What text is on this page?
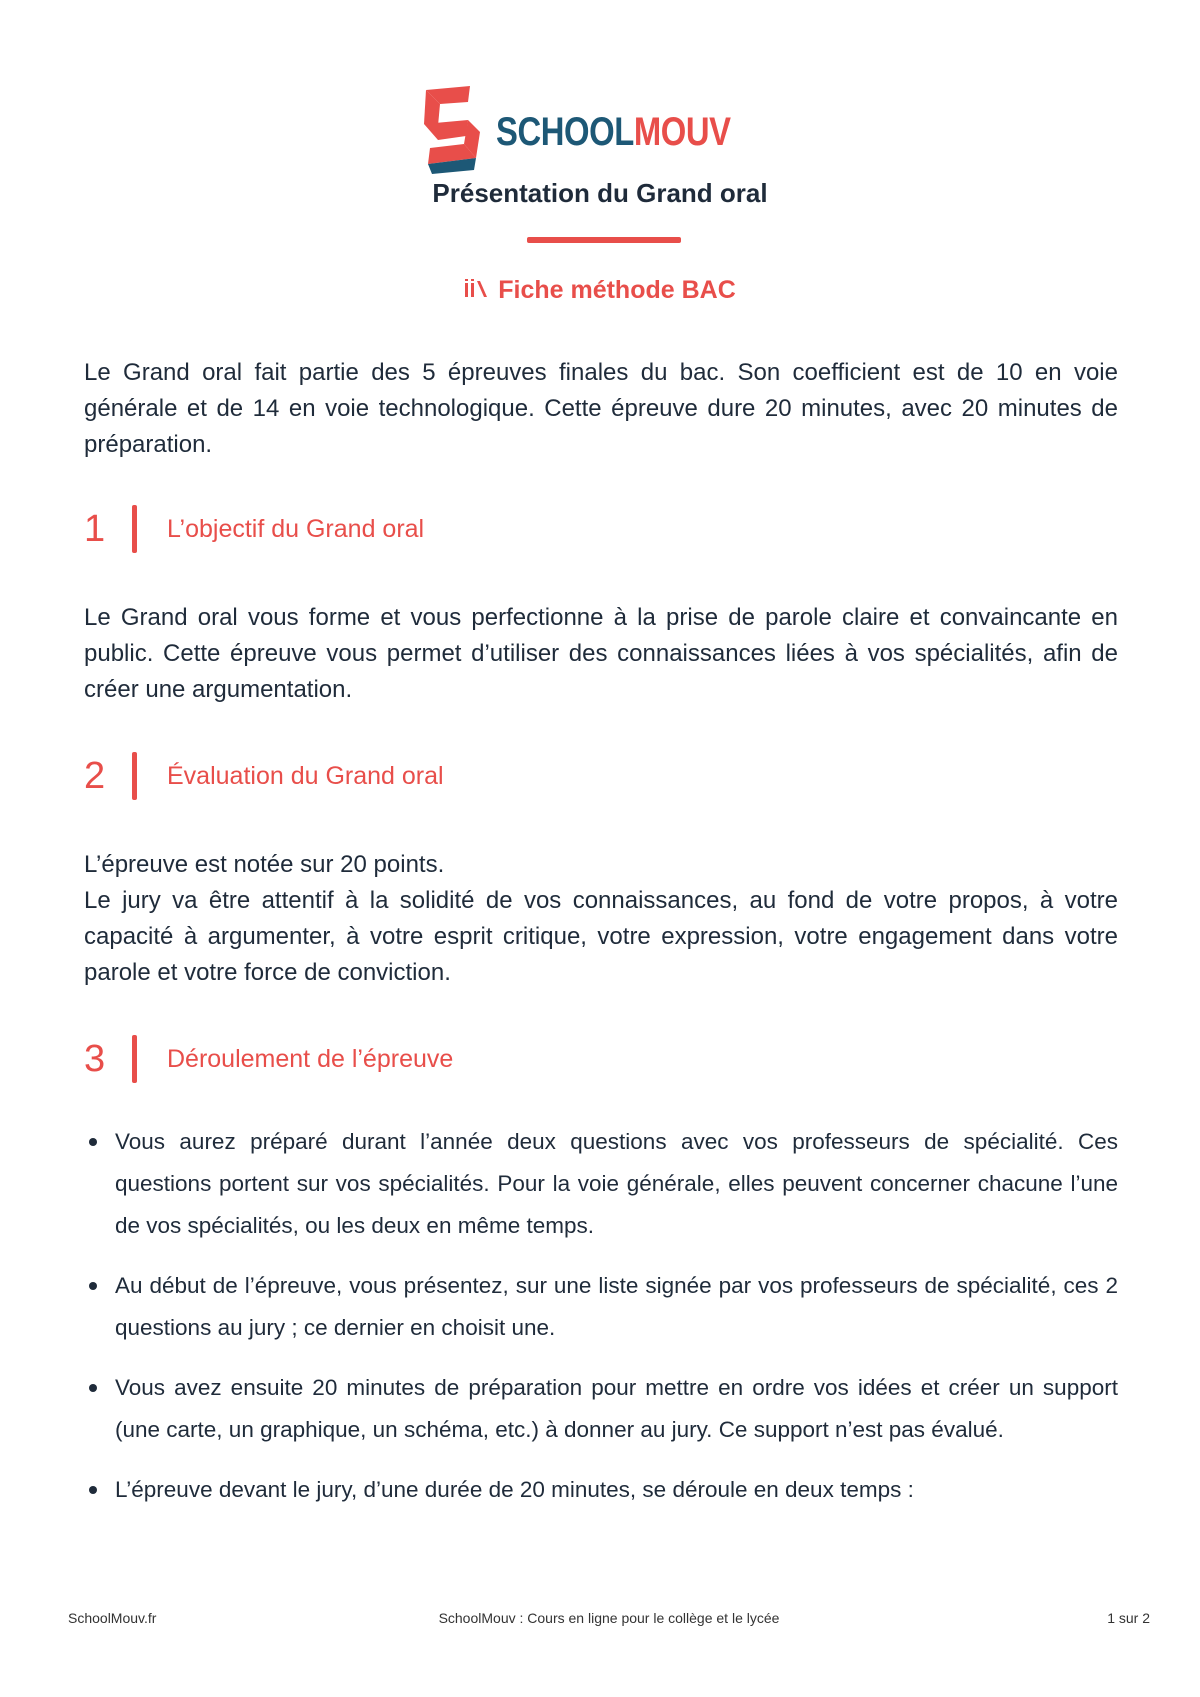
SCHOOLMOUV
Présentation du Grand oral
Fiche méthode BAC
Le Grand oral fait partie des 5 épreuves finales du bac. Son coefficient est de 10 en voie générale et de 14 en voie technologique. Cette épreuve dure 20 minutes, avec 20 minutes de préparation.
1	L’objectif du Grand oral
Le Grand oral vous forme et vous perfectionne à la prise de parole claire et convaincante en public. Cette épreuve vous permet d’utiliser des connaissances liées à vos spécialités, afin de créer une argumentation.
2	Évaluation du Grand oral
L’épreuve est notée sur 20 points.
Le jury va être attentif à la solidité de vos connaissances, au fond de votre propos, à votre capacité à argumenter, à votre esprit critique, votre expression, votre engagement dans votre parole et votre force de conviction.
3	Déroulement de l’épreuve
Vous aurez préparé durant l’année deux questions avec vos professeurs de spécialité. Ces questions portent sur vos spécialités. Pour la voie générale, elles peuvent concerner chacune l’une de vos spécialités, ou les deux en même temps.
Au début de l’épreuve, vous présentez, sur une liste signée par vos professeurs de spécialité, ces 2 questions au jury ; ce dernier en choisit une.
Vous avez ensuite 20 minutes de préparation pour mettre en ordre vos idées et créer un support (une carte, un graphique, un schéma, etc.) à donner au jury. Ce support n’est pas évalué.
L’épreuve devant le jury, d’une durée de 20 minutes, se déroule en deux temps :
SchoolMouv : Cours en ligne pour le collège et le lycée
SchoolMouv.fr	1 sur 2
